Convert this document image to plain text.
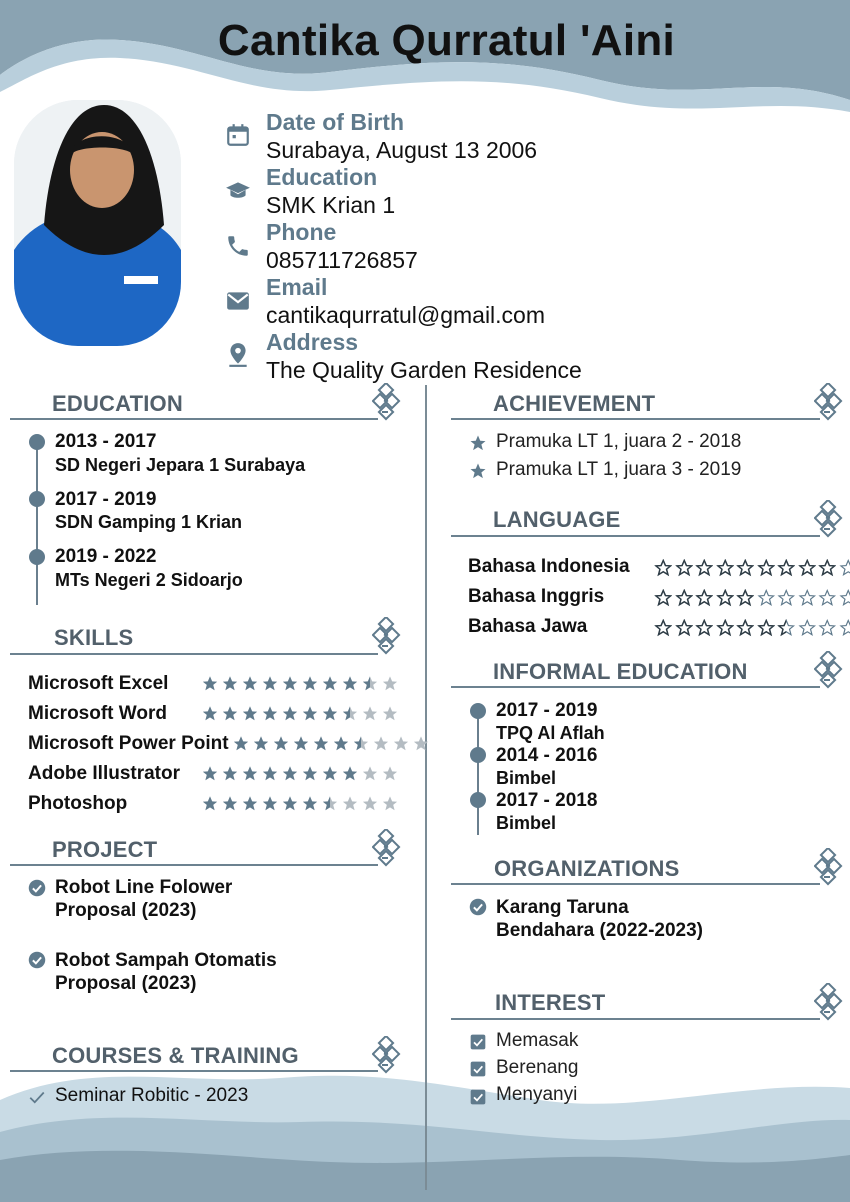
Cantika Qurratul 'Aini
Date of Birth
Surabaya, August 13 2006
Education
SMK Krian 1
Phone
085711726857
Email
cantikaqurratul@gmail.com
Address
The Quality Garden Residence
EDUCATION
2013 - 2017
SD Negeri Jepara 1 Surabaya
2017 - 2019
SDN Gamping 1 Krian
2019 - 2022
MTs Negeri 2 Sidoarjo
SKILLS
Microsoft Excel
Microsoft Word
Microsoft Power Point
Adobe Illustrator
Photoshop
PROJECT
Robot Line Folower
Proposal (2023)
Robot Sampah Otomatis
Proposal (2023)
COURSES & TRAINING
Seminar Robitic - 2023
ACHIEVEMENT
Pramuka LT 1, juara 2 - 2018
Pramuka LT 1, juara 3 - 2019
LANGUAGE
Bahasa Indonesia
Bahasa Inggris
Bahasa Jawa
INFORMAL EDUCATION
2017 - 2019
TPQ Al Aflah
2014 - 2016
Bimbel
2017 - 2018
Bimbel
ORGANIZATIONS
Karang Taruna
Bendahara (2022-2023)
INTEREST
Memasak
Berenang
Menyanyi
